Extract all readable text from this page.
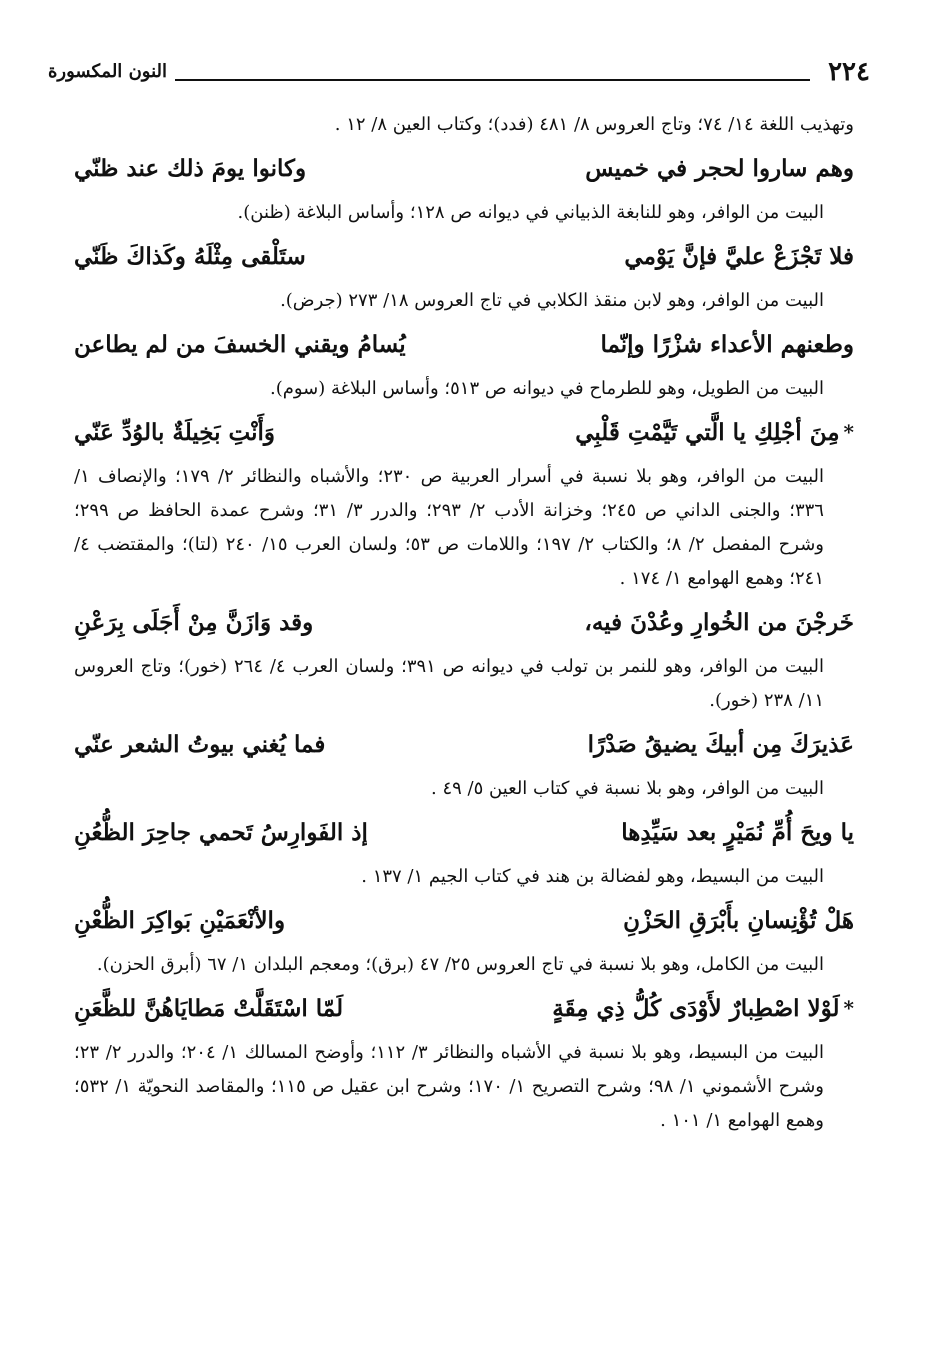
٢٢٤
النون المكسورة

وتهذيب اللغة ١٤/ ٧٤؛ وتاج العروس ٨/ ٤٨١ (فدد)؛ وكتاب العين ٨/ ١٢ .

وهم ساروا لحجر في خميس
وكانوا يومَ ذلك عند ظنّي

البيت من الوافر، وهو للنابغة الذبياني في ديوانه ص ١٢٨؛ وأساس البلاغة (ظنن).

فلا تَجْزَعْ عليَّ فإنَّ يَوْمي
ستَلْقى مِثْلَهُ وكَذاكَ ظَنّي

البيت من الوافر، وهو لابن منقذ الكلابي في تاج العروس ١٨/ ٢٧٣ (جرض).

وطعنهم الأعداء شزْرًا وإنّما
يُسامُ ويقني الخسفَ من لم يطاعن

البيت من الطويل، وهو للطرماح في ديوانه ص ٥١٣؛ وأساس البلاغة (سوم).

*
مِنَ أجْلِكِ يا الَّتي تَيَّمْتِ قَلْبِي
وَأَنْتِ بَخِيلَةٌ بالوُدِّ عَنّي

البيت من الوافر، وهو بلا نسبة في أسرار العربية ص ٢٣٠؛ والأشباه والنظائر ٢/ ١٧٩؛ والإنصاف ١/ ٣٣٦؛ والجنى الداني ص ٢٤٥؛ وخزانة الأدب ٢/ ٢٩٣؛ والدرر ٣/ ٣١؛ وشرح عمدة الحافظ ص ٢٩٩؛ وشرح المفصل ٢/ ٨؛ والكتاب ٢/ ١٩٧؛ واللامات ص ٥٣؛ ولسان العرب ١٥/ ٢٤٠ (لتا)؛ والمقتضب ٤/ ٢٤١؛ وهمع الهوامع ١/ ١٧٤ .

خَرجْنَ من الخُوارِ وعُدْنَ فيه،
وقد وَازَنَّ مِنْ أَجَلَى بِرَعْنِ

البيت من الوافر، وهو للنمر بن تولب في ديوانه ص ٣٩١؛ ولسان العرب ٤/ ٢٦٤ (خور)؛ وتاج العروس ١١/ ٢٣٨ (خور).

عَذيرَكَ مِن أبيكَ يضيقُ صَدْرًا
فما يُغني بيوتُ الشعر عنّي

البيت من الوافر، وهو بلا نسبة في كتاب العين ٥/ ٤٩ .

يا ويحَ أُمِّ نُمَيْرٍ بعد سَيِّدِها
إذ الفَوارِسُ تَحمي جاحِرَ الظُّعُنِ

البيت من البسيط، وهو لفضالة بن هند في كتاب الجيم ١/ ١٣٧ .

هَلْ تُؤْنِسانِ بأَبْرَقِ الحَزْنِ
والأنْعَمَيْنِ بَواكِرَ الظُّعْنِ

البيت من الكامل، وهو بلا نسبة في تاج العروس ٢٥/ ٤٧ (برق)؛ ومعجم البلدان ١/ ٦٧ (أبرق الحزن).

*
لَوْلا اصْطِبارٌ لأَوْدَى كُلُّ ذِي مِقَةٍ
لَمّا اسْتَقَلَّتْ مَطايَاهُنَّ للظَّعَنِ

البيت من البسيط، وهو بلا نسبة في الأشباه والنظائر ٣/ ١١٢؛ وأوضح المسالك ١/ ٢٠٤؛ والدرر ٢/ ٢٣؛ وشرح الأشموني ١/ ٩٨؛ وشرح التصريح ١/ ١٧٠؛ وشرح ابن عقيل ص ١١٥؛ والمقاصد النحويّة ١/ ٥٣٢؛ وهمع الهوامع ١/ ١٠١ .
